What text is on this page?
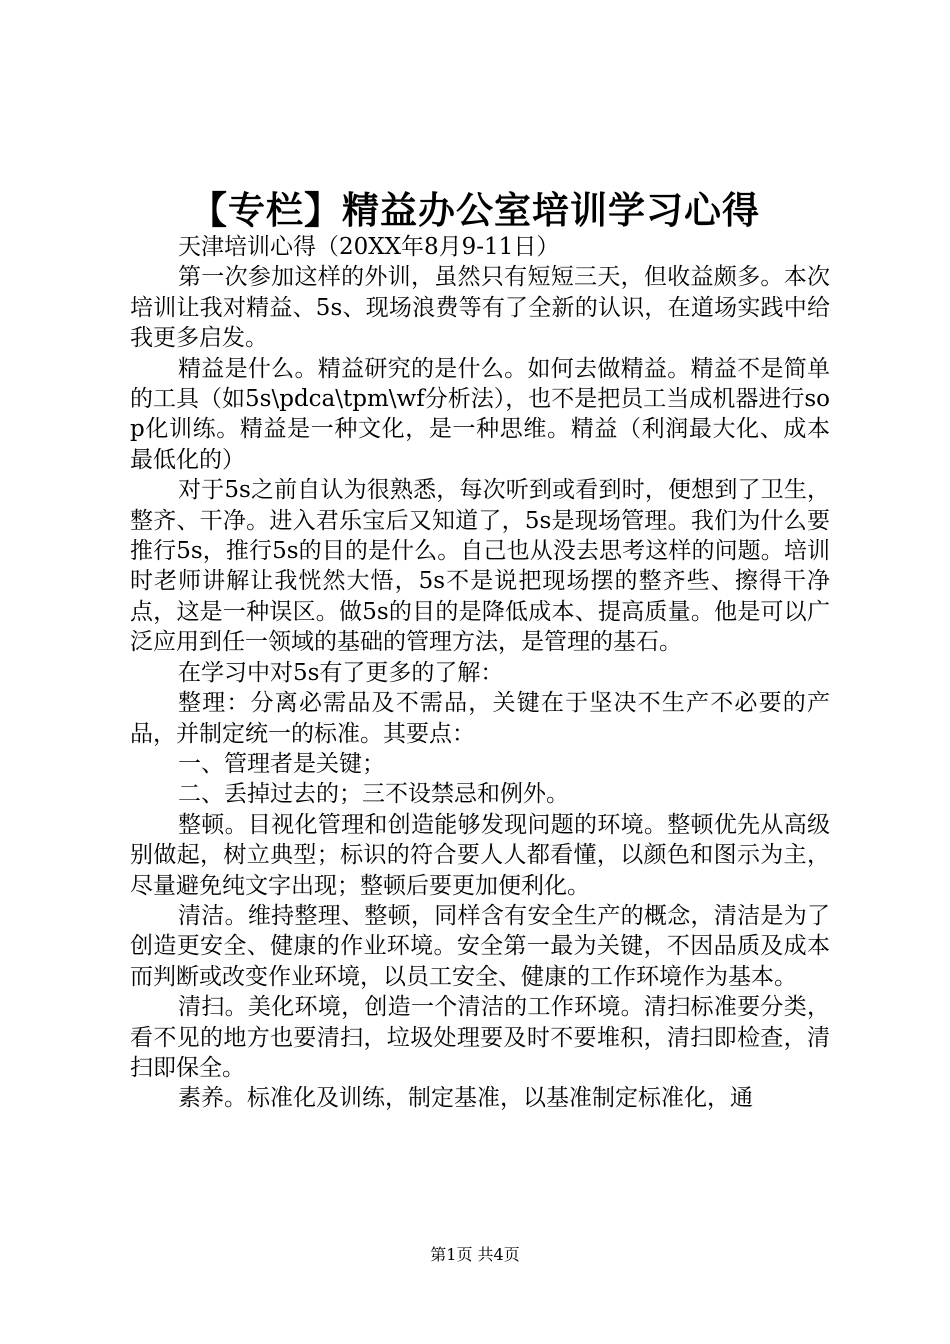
【专栏】精益办公室培训学习心得

天津培训心得（20XX年8月9-11日）

第一次参加这样的外训，虽然只有短短三天，但收益颇多。本次培训让我对精益、5s、现场浪费等有了全新的认识，在道场实践中给我更多启发。

精益是什么。精益研究的是什么。如何去做精益。精益不是简单的工具（如5s\pdca\tpm\wf分析法），也不是把员工当成机器进行sop化训练。精益是一种文化，是一种思维。精益（利润最大化、成本最低化的）

对于5s之前自认为很熟悉，每次听到或看到时，便想到了卫生，整齐、干净。进入君乐宝后又知道了，5s是现场管理。我们为什么要推行5s，推行5s的目的是什么。自己也从没去思考这样的问题。培训时老师讲解让我恍然大悟，5s不是说把现场摆的整齐些、擦得干净点，这是一种误区。做5s的目的是降低成本、提高质量。他是可以广泛应用到任一领域的基础的管理方法，是管理的基石。

在学习中对5s有了更多的了解：

整理：分离必需品及不需品，关键在于坚决不生产不必要的产品，并制定统一的标准。其要点：

一、管理者是关键；

二、丢掉过去的；三不设禁忌和例外。

整顿。目视化管理和创造能够发现问题的环境。整顿优先从高级别做起，树立典型；标识的符合要人人都看懂，以颜色和图示为主，尽量避免纯文字出现；整顿后要更加便利化。

清洁。维持整理、整顿，同样含有安全生产的概念，清洁是为了创造更安全、健康的作业环境。安全第一最为关键，不因品质及成本而判断或改变作业环境，以员工安全、健康的工作环境作为基本。

清扫。美化环境，创造一个清洁的工作环境。清扫标准要分类，看不见的地方也要清扫，垃圾处理要及时不要堆积，清扫即检查，清扫即保全。

素养。标准化及训练，制定基准，以基准制定标准化，通

第1页 共4页
